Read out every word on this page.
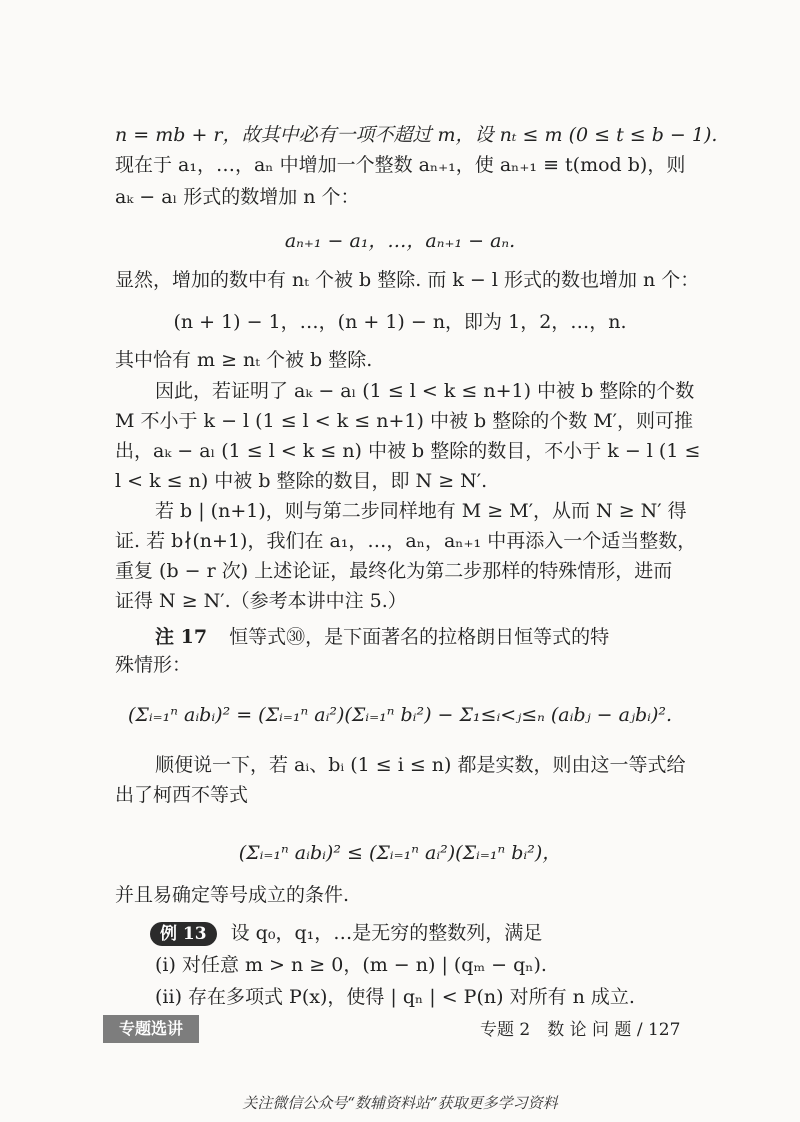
n = mb + r，故其中必有一项不超过 m，设 nₜ ≤ m (0 ≤ t ≤ b − 1).
现在于 a₁，…，aₙ 中增加一个整数 aₙ₊₁，使 aₙ₊₁ ≡ t(mod b)，则
aₖ − aₗ 形式的数增加 n 个：
aₙ₊₁ − a₁，…，aₙ₊₁ − aₙ.
显然，增加的数中有 nₜ 个被 b 整除. 而 k − l 形式的数也增加 n 个：
(n + 1) − 1，…，(n + 1) − n，即为 1，2，…，n.
其中恰有 m ≥ nₜ 个被 b 整除.
因此，若证明了 aₖ − aₗ (1 ≤ l < k ≤ n+1) 中被 b 整除的个数
M 不小于 k − l (1 ≤ l < k ≤ n+1) 中被 b 整除的个数 M′，则可推
出，aₖ − aₗ (1 ≤ l < k ≤ n) 中被 b 整除的数目，不小于 k − l (1 ≤
l < k ≤ n) 中被 b 整除的数目，即 N ≥ N′.
若 b | (n+1)，则与第二步同样地有 M ≥ M′，从而 N ≥ N′ 得
证. 若 b∤(n+1)，我们在 a₁，…，aₙ，aₙ₊₁ 中再添入一个适当整数，
重复 (b − r 次) 上述论证，最终化为第二步那样的特殊情形，进而
证得 N ≥ N′.（参考本讲中注 5.）
注 17 恒等式㉚，是下面著名的拉格朗日恒等式的特
殊情形：
(Σᵢ₌₁ⁿ aᵢbᵢ)² = (Σᵢ₌₁ⁿ aᵢ²)(Σᵢ₌₁ⁿ bᵢ²) − Σ₁≤ᵢ<ⱼ≤ₙ (aᵢbⱼ − aⱼbᵢ)².
顺便说一下，若 aᵢ、bᵢ (1 ≤ i ≤ n) 都是实数，则由这一等式给
出了柯西不等式
(Σᵢ₌₁ⁿ aᵢbᵢ)² ≤ (Σᵢ₌₁ⁿ aᵢ²)(Σᵢ₌₁ⁿ bᵢ²)，
并且易确定等号成立的条件.
例 13 设 q₀，q₁，…是无穷的整数列，满足
(i) 对任意 m > n ≥ 0，(m − n) | (qₘ − qₙ).
(ii) 存在多项式 P(x)，使得 | qₙ | < P(n) 对所有 n 成立.
专题选讲	专题 2　数 论 问 题 / 127
关注微信公众号“数辅资料站”获取更多学习资料
